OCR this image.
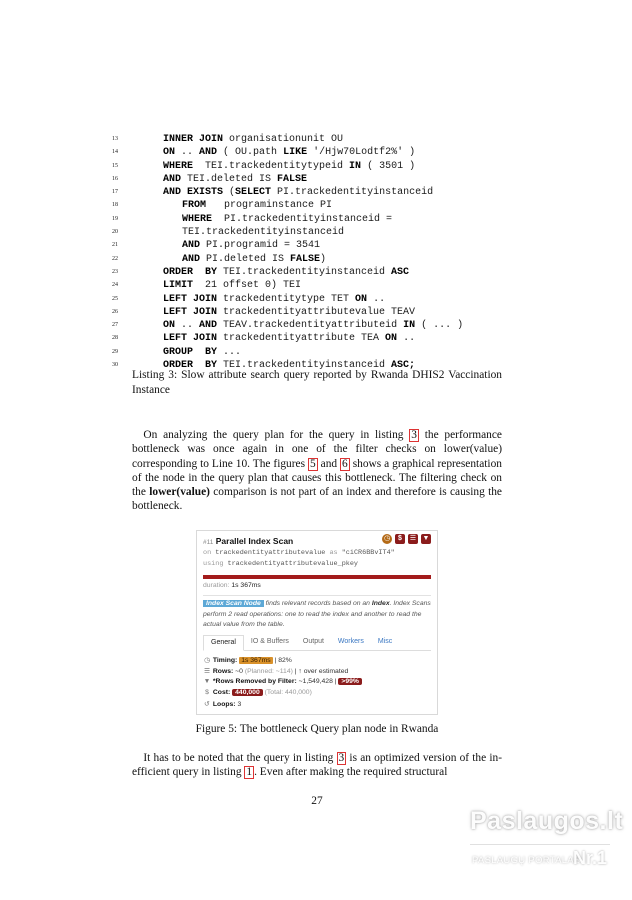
13	INNER JOIN organisationunit OU
14	ON .. AND ( OU.path LIKE '/Hjw70Lodtf2%' )
15	WHERE  TEI.trackedentitytypeid IN ( 3501 )
16	AND TEI.deleted IS FALSE
17	AND EXISTS (SELECT PI.trackedentityinstanceid
18	FROM   programinstance PI
19	WHERE  PI.trackedentityinstanceid =
20	TEI.trackedentityinstanceid
21	AND PI.programid = 3541
22	AND PI.deleted IS FALSE)
23	ORDER  BY TEI.trackedentityinstanceid ASC
24	LIMIT  21 offset 0) TEI
25	LEFT JOIN trackedentitytype TET ON ..
26	LEFT JOIN trackedentityattributevalue TEAV
27	ON .. AND TEAV.trackedentityattributeid IN ( ... )
28	LEFT JOIN trackedentityattribute TEA ON ..
29	GROUP  BY ...
30	ORDER  BY TEI.trackedentityinstanceid ASC;
Listing 3: Slow attribute search query reported by Rwanda DHIS2 Vaccination Instance
 On analyzing the query plan for the query in listing 3 the performance bottleneck was once again in one of the filter checks on lower(value) corresponding to Line 10. The figures 5 and 6 shows a graphical representation of the node in the query plan that causes this bottleneck. The filtering check on the lower(value) comparison is not part of an index and therefore is causing the bottleneck.
#11 Parallel Index Scan	◷	$	☰ ▼
on trackedentityattributevalue as "ciCR6BBvIT4"
using trackedentityattributevalue_pkey
duration: 1s 367ms
Index Scan Node finds relevant records based on an Index. Index Scans perform 2 read operations: one to read the index and another to read the actual value from the table.
General	IO & Buffers	Output	Workers	Misc
◷ Timing: 1s 367ms | 82%
☰ Rows: ~0 (Planned: ~114) | ↑ over estimated
▼ *Rows Removed by Filter: ~1,549,428 | >99%
$ Cost: 440,000 (Total: 440,000)
↺ Loops: 3
Figure 5: The bottleneck Query plan node in Rwanda
 It has to be noted that the query in listing 3 is an optimized version of the in-efficient query in listing 1 . Even after making the required structural
27
Paslaugos.lt
PASLAUGŲ PORTALAS
Nr.1
